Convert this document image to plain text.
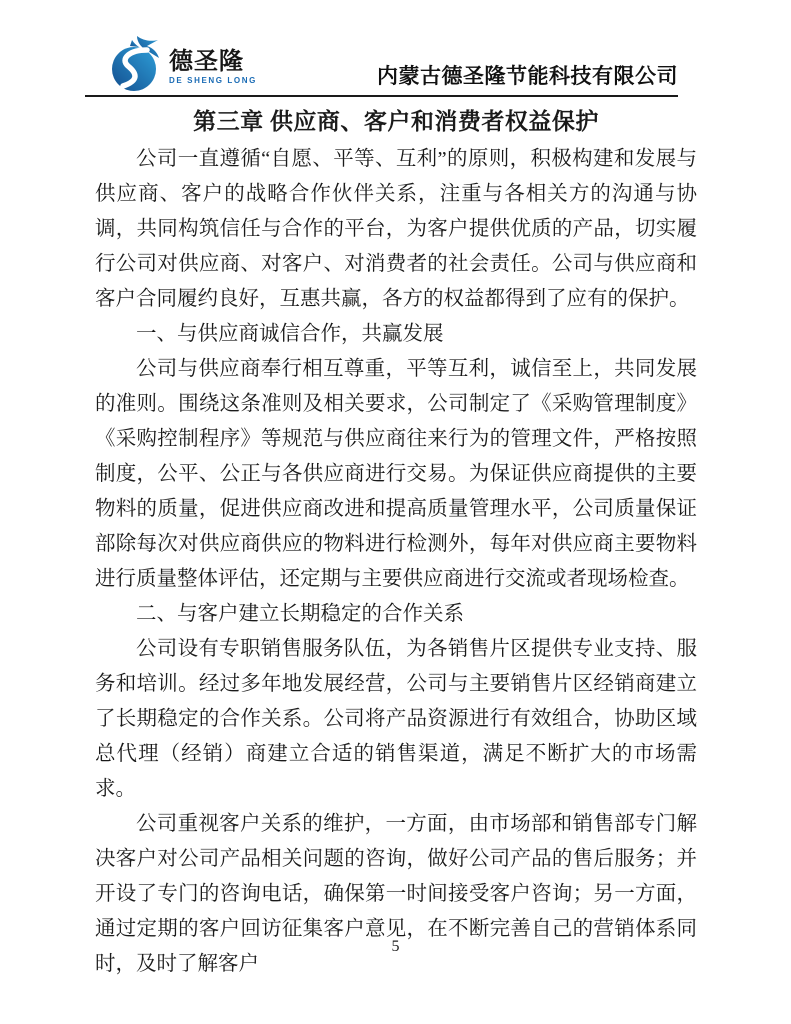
德圣隆
DE SHENG LONG	内蒙古德圣隆节能科技有限公司
第三章 供应商、客户和消费者权益保护

公司一直遵循“自愿、平等、互利”的原则，积极构建和发展与供应商、客户的战略合作伙伴关系，注重与各相关方的沟通与协调，共同构筑信任与合作的平台，为客户提供优质的产品，切实履行公司对供应商、对客户、对消费者的社会责任。公司与供应商和客户合同履约良好，互惠共赢，各方的权益都得到了应有的保护。

一、与供应商诚信合作，共赢发展

公司与供应商奉行相互尊重，平等互利，诚信至上，共同发展的准则。围绕这条准则及相关要求，公司制定了《采购管理制度》《采购控制程序》等规范与供应商往来行为的管理文件，严格按照制度，公平、公正与各供应商进行交易。为保证供应商提供的主要物料的质量，促进供应商改进和提高质量管理水平，公司质量保证部除每次对供应商供应的物料进行检测外，每年对供应商主要物料进行质量整体评估，还定期与主要供应商进行交流或者现场检查。

二、与客户建立长期稳定的合作关系

公司设有专职销售服务队伍，为各销售片区提供专业支持、服务和培训。经过多年地发展经营，公司与主要销售片区经销商建立了长期稳定的合作关系。公司将产品资源进行有效组合，协助区域总代理（经销）商建立合适的销售渠道，满足不断扩大的市场需求。

公司重视客户关系的维护，一方面，由市场部和销售部专门解决客户对公司产品相关问题的咨询，做好公司产品的售后服务；并开设了专门的咨询电话，确保第一时间接受客户咨询；另一方面，通过定期的客户回访征集客户意见，在不断完善自己的营销体系同时，及时了解客户

5
